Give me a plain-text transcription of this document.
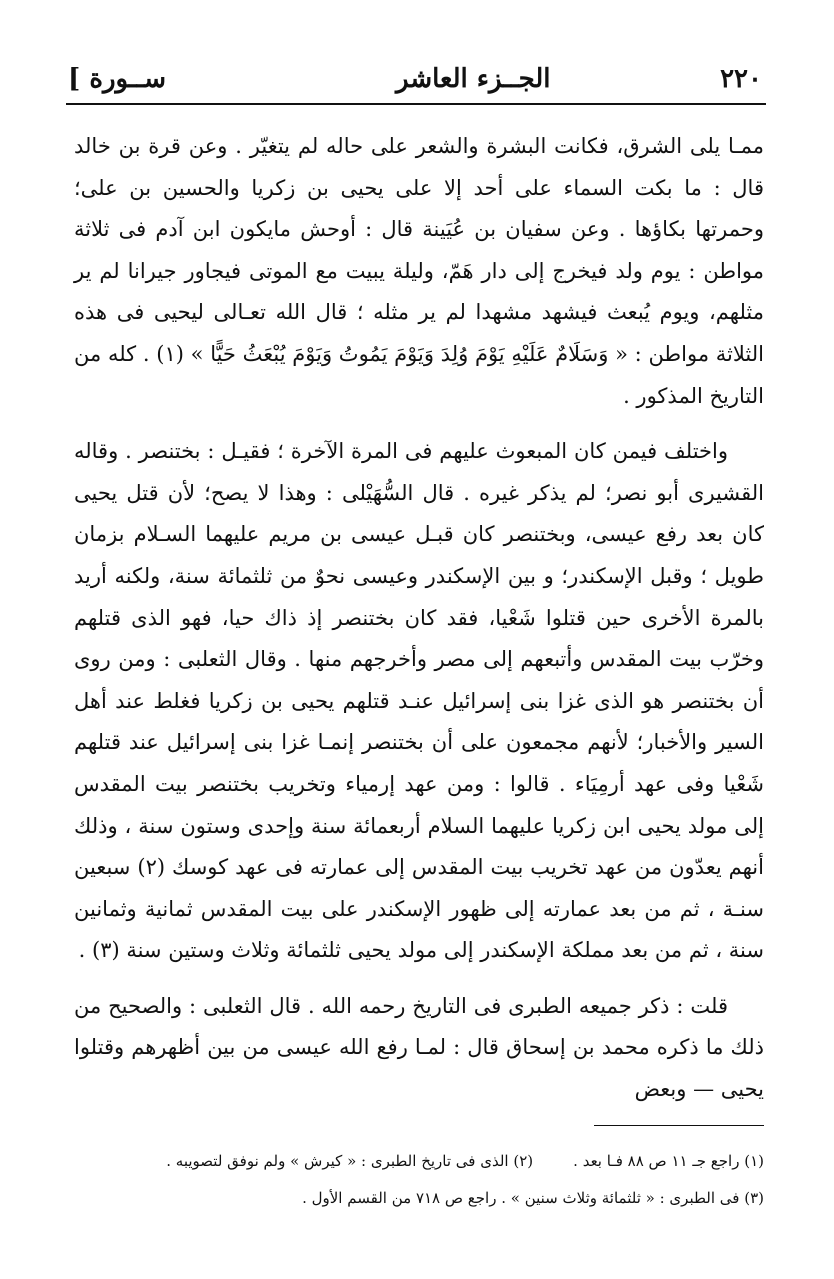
٢٢٠
الجــزء العاشر
[ ســورة

ممـا يلى الشرق، فكانت البشرة والشعر على حاله لم يتغيّر . وعن قرة بن خالد قال : ما بكت السماء على أحد إلا على يحيى بن زكريا والحسين بن على؛ وحمرتها بكاؤها . وعن سفيان بن عُيَينة قال : أوحش مايكون ابن آدم فى ثلاثة مواطن : يوم ولد فيخرج إلى دار هَمّ، وليلة يبيت مع الموتى فيجاور جيرانا لم ير مثلهم، ويوم يُبعث فيشهد مشهدا لم ير مثله ؛ قال الله تعـالى ليحيى فى هذه الثلاثة مواطن : « وَسَلَامٌ عَلَيْهِ يَوْمَ وُلِدَ وَيَوْمَ يَمُوتُ وَيَوْمَ يُبْعَثُ حَيًّا » (١) . كله من التاريخ المذكور .

واختلف فيمن كان المبعوث عليهم فى المرة الآخرة ؛ فقيـل : بختنصر . وقاله القشيرى أبو نصر؛ لم يذكر غيره . قال السُّهَيْلى : وهذا لا يصح؛ لأن قتل يحيى كان بعد رفع عيسى، وبختنصر كان قبـل عيسى بن مريم عليهما السـلام بزمان طويل ؛ وقبل الإسكندر؛ و بين الإسكندر وعيسى نحوٌ من ثلثمائة سنة، ولكنه أريد بالمرة الأخرى حين قتلوا شَعْيا، فقد كان بختنصر إذ ذاك حيا، فهو الذى قتلهم وخرّب بيت المقدس وأتبعهم إلى مصر وأخرجهم منها . وقال الثعلبى : ومن روى أن بختنصر هو الذى غزا بنى إسرائيل عنـد قتلهم يحيى بن زكريا فغلط عند أهل السير والأخبار؛ لأنهم مجمعون على أن بختنصر إنمـا غزا بنى إسرائيل عند قتلهم شَعْيا وفى عهد أرمِيَاء . قالوا : ومن عهد إرمياء وتخريب بختنصر بيت المقدس إلى مولد يحيى ابن زكريا عليهما السلام أربعمائة سنة وإحدى وستون سنة ، وذلك أنهم يعدّون من عهد تخريب بيت المقدس إلى عمارته فى عهد كوسك (٢) سبعين سنـة ، ثم من بعد عمارته إلى ظهور الإسكندر على بيت المقدس ثمانية وثمانين سنة ، ثم من بعد مملكة الإسكندر إلى مولد يحيى ثلثمائة وثلاث وستين سنة (٣) .

قلت : ذكر جميعه الطبرى فى التاريخ رحمه الله . قال الثعلبى : والصحيح من ذلك ما ذكره محمد بن إسحاق قال : لمـا رفع الله عيسى من بين أظهرهم وقتلوا يحيى — وبعض

(١) راجع جـ ١١ ص ٨٨ فـا بعد .(٢) الذى فى تاريخ الطبرى : « كيرش » ولم نوفق لتصويبه .
(٣) فى الطبرى : « ثلثمائة وثلاث سنين » . راجع ص ٧١٨ من القسم الأول .
